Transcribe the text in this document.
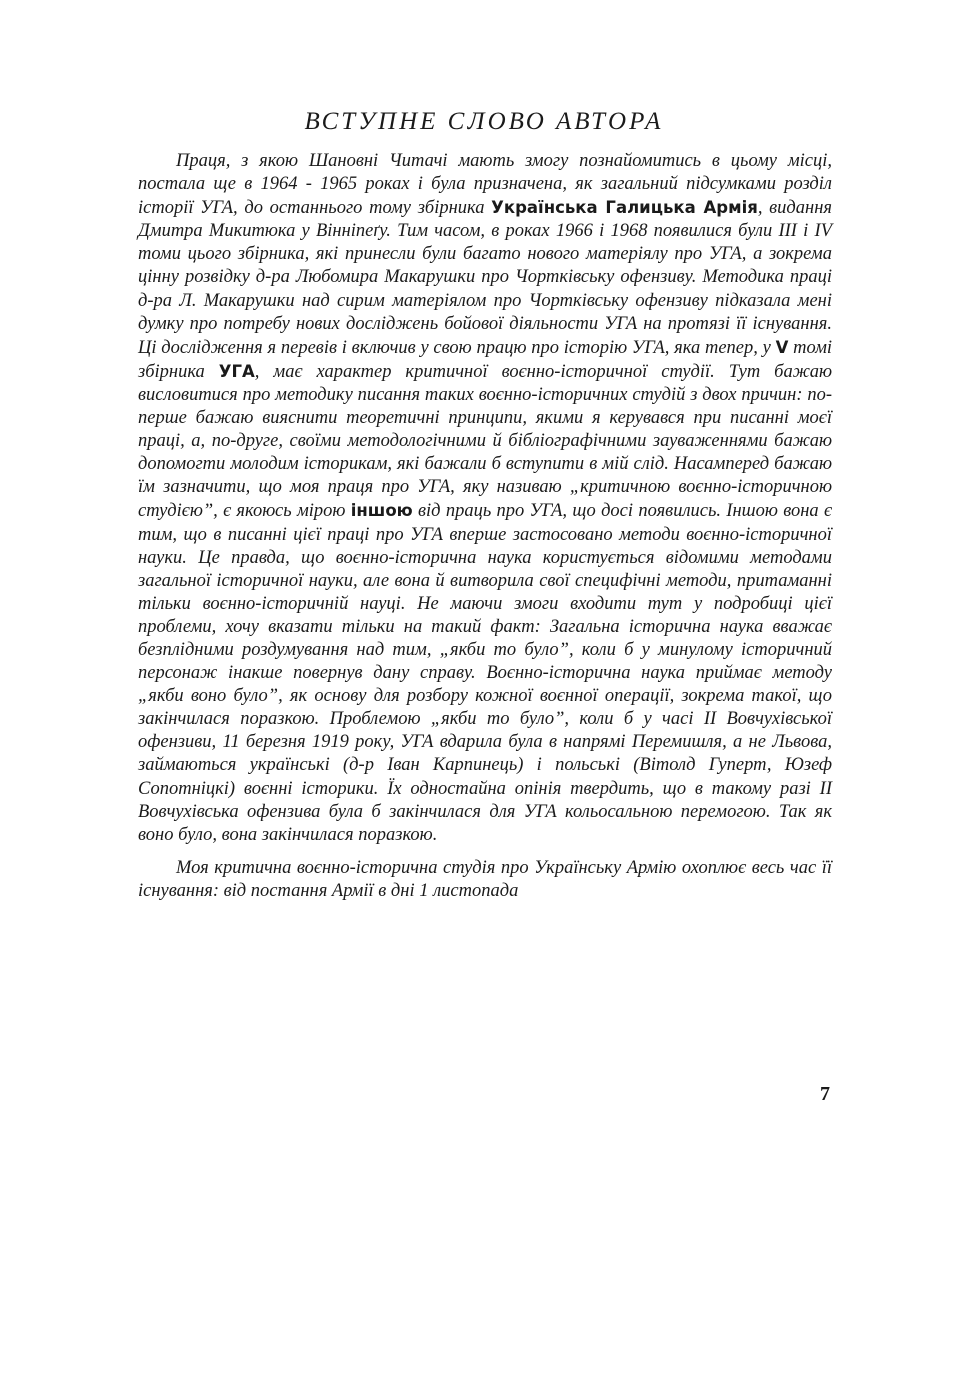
ВСТУПНЕ СЛОВО АВТОРА

Праця, з якою Шановні Читачі мають змогу познайомитись в цьому місці, постала ще в 1964 - 1965 роках і була призначена, як загальний підсумками розділ історії УГА, до останнього тому збірника Українська Галицька Армія, видання Дмитра Микитюка у Вінніпеґу. Тим часом, в роках 1966 і 1968 появилися були III і IV томи цього збірника, які принесли були багато нового матеріялу про УГА, а зокрема цінну розвідку д-ра Любомира Макарушки про Чортківську офензиву. Методика праці д-ра Л. Макарушки над сирим матеріялом про Чортківську офензиву підказала мені думку про потребу нових досліджень бойової діяльности УГА на протязі її існування. Ці дослідження я перевів і включив у свою працю про історію УГА, яка тепер, у V томі збірника УГА, має характер критичної воєнно-історичної студії. Тут бажаю висловитися про методику писання таких воєнно-історичних студій з двох причин: по-перше бажаю вияснити теоретичні принципи, якими я керувався при писанні моєї праці, а, по-друге, своїми методологічними й бібліографічними зауваженнями бажаю допомогти молодим історикам, які бажали б вступити в мій слід. Насамперед бажаю їм зазначити, що моя праця про УГА, яку називаю „критичною воєнно-історичною студією”, є якоюсь мірою іншою від праць про УГА, що досі появились. Іншою вона є тим, що в писанні цієї праці про УГА вперше застосовано методи воєнно-історичної науки. Це правда, що воєнно-історична наука користується відомими методами загальної історичної науки, але вона й витворила свої специфічні методи, притаманні тільки воєнно-історичній науці. Не маючи змоги входити тут у подробиці цієї проблеми, хочу вказати тільки на такий факт: Загальна історична наука вважає безплідними роздумування над тим, „якби то було”, коли б у минулому історичний персонаж інакше повернув дану справу. Воєнно-історична наука приймає методу „якби воно було”, як основу для розбору кожної воєнної операції, зокрема такої, що закінчилася поразкою. Проблемою „якби то було”, коли б у часі II Вовчухівської офензиви, 11 березня 1919 року, УГА вдарила була в напрямі Перемишля, а не Львова, займаються українські (д-р Іван Карпинець) і польські (Вітолд Гуперт, Юзеф Сопотніцкі) воєнні історики. Їх одностайна опінія твердить, що в такому разі II Вовчухівська офензива була б закінчилася для УГА кольосальною перемогою. Так як воно було, вона закінчилася поразкою.

Моя критична воєнно-історична студія про Українську Армію охоплює весь час її існування: від постання Армії в дні 1 листопада

7
